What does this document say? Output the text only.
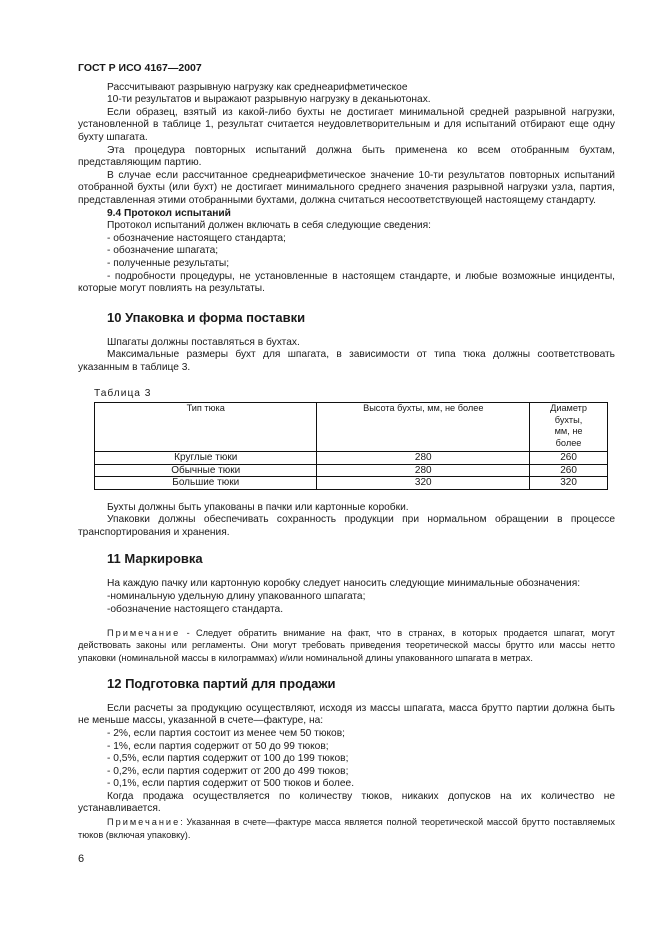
ГОСТ Р ИСО 4167—2007

Рассчитывают разрывную нагрузку как среднеарифметическое

10-ти результатов и выражают разрывную нагрузку в деканьютонах.

Если образец, взятый из какой-либо бухты не достигает минимальной средней разрывной нагрузки, установленной в таблице 1, результат считается неудовлетворительным и для испытаний отбирают еще одну бухту шпагата.

Эта процедура повторных испытаний должна быть применена ко всем отобранным бухтам, представляющим партию.

В случае если рассчитанное среднеарифметическое значение 10-ти результатов повторных испытаний отобранной бухты (или бухт) не достигает минимального среднего значения разрывной нагрузки узла, партия, представленная этими отобранными бухтами, должна считаться несоответствующей настоящему стандарту.

9.4 Протокол испытаний

Протокол испытаний должен включать в себя следующие сведения:

- обозначение настоящего стандарта;

- обозначение шпагата;

- полученные результаты;

- подробности процедуры, не установленные в настоящем стандарте, и любые возможные инциденты, которые могут повлиять на результаты.

10 Упаковка и форма поставки

Шпагаты должны поставляться в бухтах.

Максимальные размеры бухт для шпагата, в зависимости от типа тюка должны соответствовать указанным в таблице 3.

Таблица 3
Тип тюка	Высота бухты, мм, не более	Диаметр бухты, мм, не более
Круглые тюки	280	260
Обычные тюки	280	260
Большие тюки	320	320

Бухты должны быть упакованы в пачки или картонные коробки.

Упаковки должны обеспечивать сохранность продукции при нормальном обращении в процессе транспортирования и хранения.

11 Маркировка

На каждую пачку или картонную коробку следует наносить следующие минимальные обозначения:

-номинальную удельную длину упакованного шпагата;

-обозначение настоящего стандарта.

Примечание - Следует обратить внимание на факт, что в странах, в которых продается шпагат, могут действовать законы или регламенты. Они могут требовать приведения теоретической массы брутто или массы нетто упаковки (номинальной массы в килограммах) и/или номинальной длины упакованного шпагата в метрах.

12 Подготовка партий для продажи

Если расчеты за продукцию осуществляют, исходя из массы шпагата, масса брутто партии должна быть не меньше массы, указанной в счете—фактуре, на:

- 2%, если партия состоит из менее чем 50 тюков;

- 1%, если партия содержит от 50 до 99 тюков;

- 0,5%, если партия содержит от 100 до 199 тюков;

- 0,2%, если партия содержит от 200 до 499 тюков;

- 0,1%, если партия содержит от 500 тюков и более.

Когда продажа осуществляется по количеству тюков, никаких допусков на их количество не устанавливается.

Примечание: Указанная в счете—фактуре масса является полной теоретической массой брутто поставляемых тюков (включая упаковку).

6
